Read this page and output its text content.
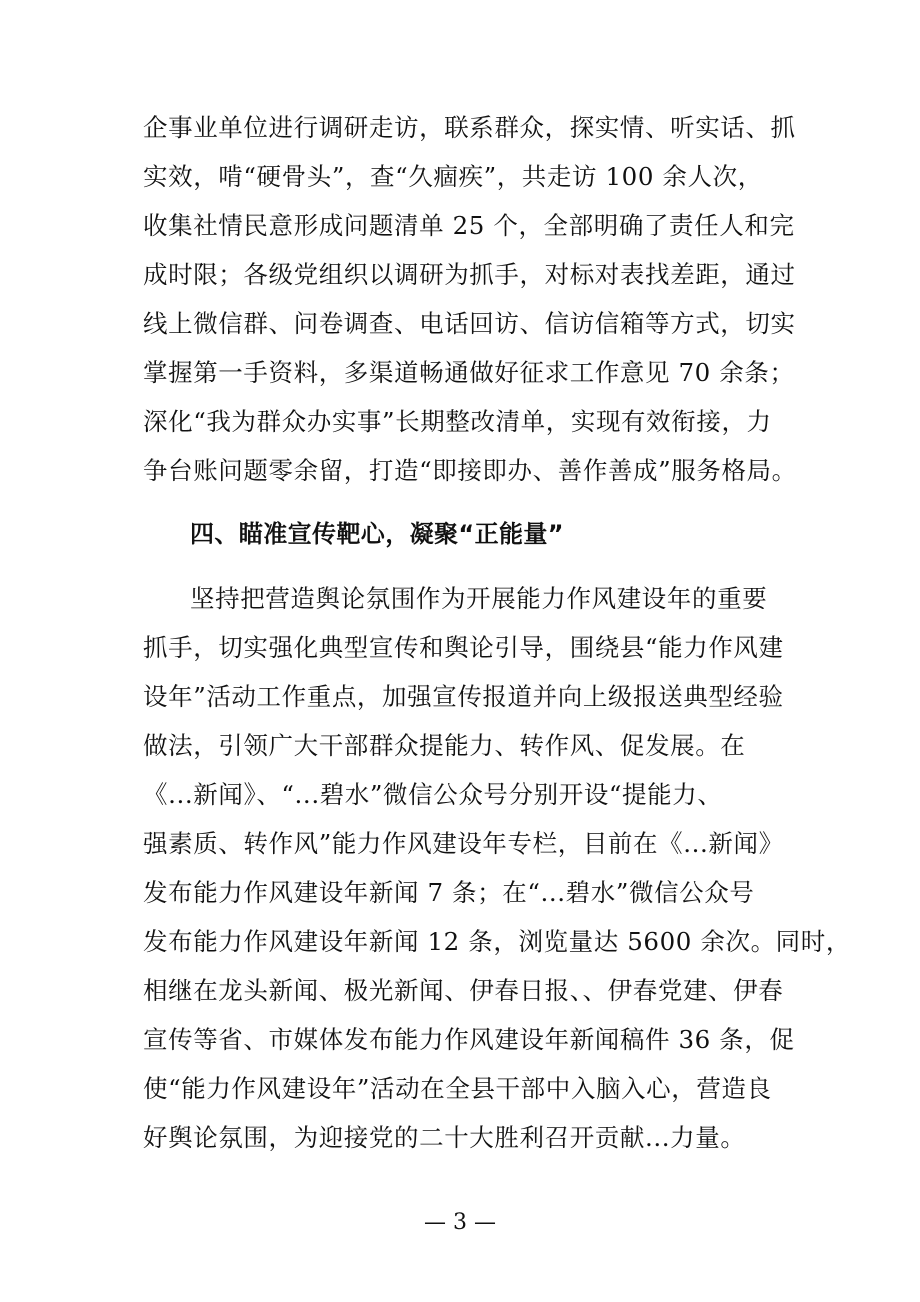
企事业单位进行调研走访，联系群众，探实情、听实话、抓
实效，啃“硬骨头”，查“久痼疾”，共走访 100 余人次，
收集社情民意形成问题清单 25 个，全部明确了责任人和完
成时限；各级党组织以调研为抓手，对标对表找差距，通过
线上微信群、问卷调查、电话回访、信访信箱等方式，切实
掌握第一手资料，多渠道畅通做好征求工作意见 70 余条；
深化“我为群众办实事”长期整改清单，实现有效衔接，力
争台账问题零余留，打造“即接即办、善作善成”服务格局。
四、瞄准宣传靶心，凝聚“正能量”
坚持把营造舆论氛围作为开展能力作风建设年的重要
抓手，切实强化典型宣传和舆论引导，围绕县“能力作风建
设年”活动工作重点，加强宣传报道并向上级报送典型经验
做法，引领广大干部群众提能力、转作风、促发展。在
《...新闻》、“...碧水”微信公众号分别开设“提能力、
强素质、转作风”能力作风建设年专栏，目前在《...新闻》
发布能力作风建设年新闻 7 条；在“...碧水”微信公众号
发布能力作风建设年新闻 12 条，浏览量达 5600 余次。同时，
相继在龙头新闻、极光新闻、伊春日报、、伊春党建、伊春
宣传等省、市媒体发布能力作风建设年新闻稿件 36 条，促
使“能力作风建设年”活动在全县干部中入脑入心，营造良
好舆论氛围，为迎接党的二十大胜利召开贡献...力量。
— 3 —
